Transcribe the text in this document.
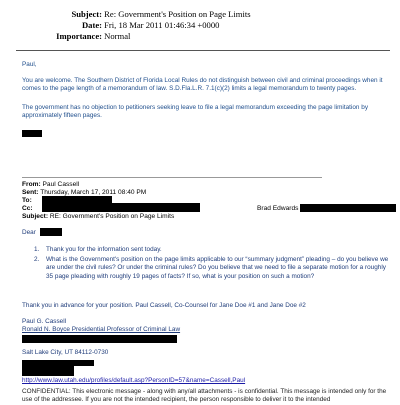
Subject: Re: Government's Position on Page Limits
Date: Fri, 18 Mar 2011 01:46:34 +0000
Importance: Normal
Paul,
You are welcome. The Southern District of Florida Local Rules do not distinguish between civil and criminal proceedings when it comes to the page length of a memorandum of law. S.D.Fla.L.R. 7.1(c)(2) limits a legal memorandum to twenty pages.
The government has no objection to petitioners seeking leave to file a legal memorandum exceeding the page limitation by approximately fifteen pages.
From: Paul Cassell
Sent: Thursday, March 17, 2011 08:40 PM
To:
Cc:	Brad Edwards
Subject: RE: Government's Position on Page Limits
Dear
1. Thank you for the information sent today.
2. What is the Government's position on the page limits applicable to our “summary judgment” pleading – do you believe we are under the civil rules? Or under the criminal rules? Do you believe that we need to file a separate motion for a roughly 35 page pleading with roughly 19 pages of facts? If so, what is your position on such a motion?
Thank you in advance for your position. Paul Cassell, Co-Counsel for Jane Doe #1 and Jane Doe #2
Paul G. Cassell
Ronald N. Boyce Presidential Professor of Criminal Law
Salt Lake City, UT 84112-0730
http://www.law.utah.edu/profiles/default.asp?PersonID=57&name=Cassell,Paul
CONFIDENTIAL: This electronic message - along with any/all attachments - is confidential. This message is intended only for the use of the addressee. If you are not the intended recipient, the person responsible to deliver it to the intended
